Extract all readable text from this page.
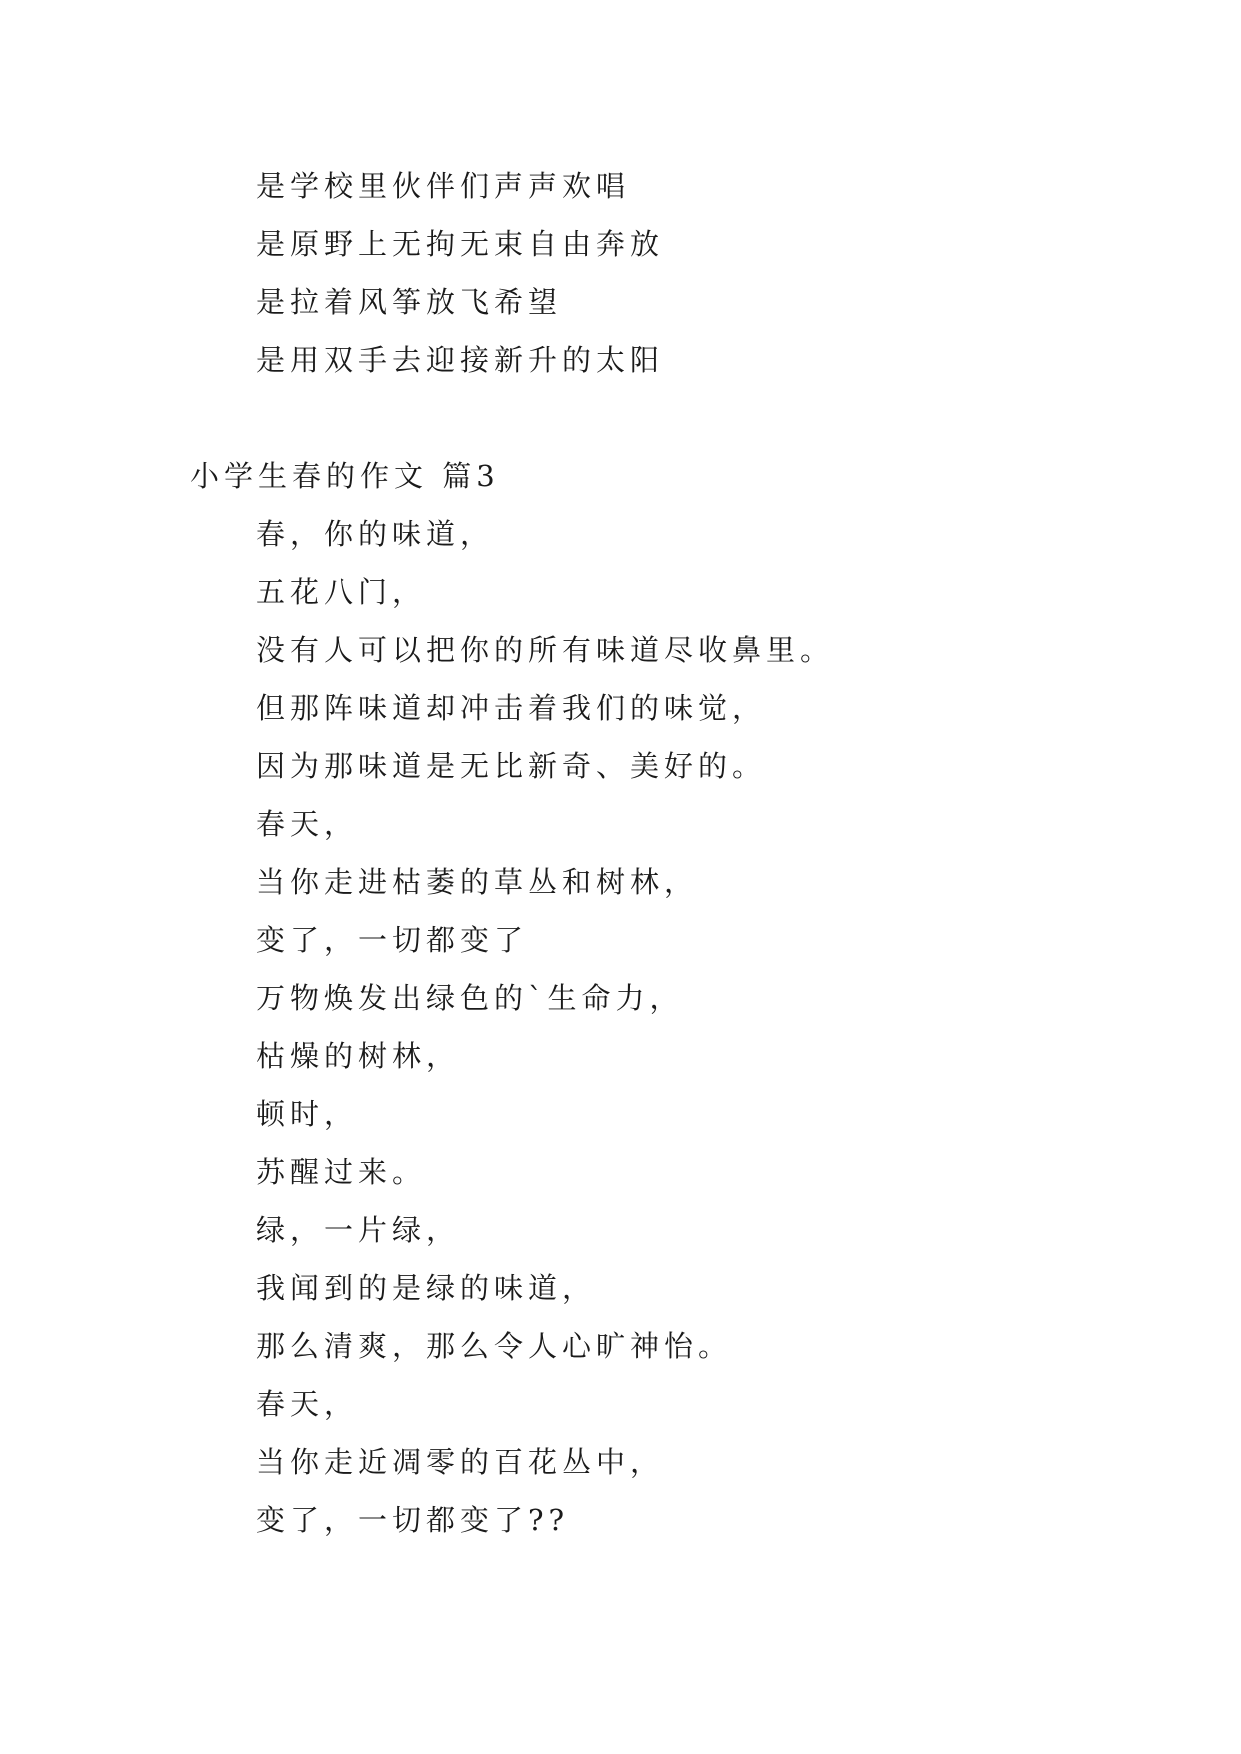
是学校里伙伴们声声欢唱
是原野上无拘无束自由奔放
是拉着风筝放飞希望
是用双手去迎接新升的太阳
小学生春的作文 篇3
春，你的味道，
五花八门，
没有人可以把你的所有味道尽收鼻里。
但那阵味道却冲击着我们的味觉，
因为那味道是无比新奇、美好的。
春天，
当你走进枯萎的草丛和树林，
变了，一切都变了
万物焕发出绿色的`生命力，
枯燥的树林，
顿时，
苏醒过来。
绿，一片绿，
我闻到的是绿的味道，
那么清爽，那么令人心旷神怡。
春天，
当你走近凋零的百花丛中，
变了，一切都变了??
